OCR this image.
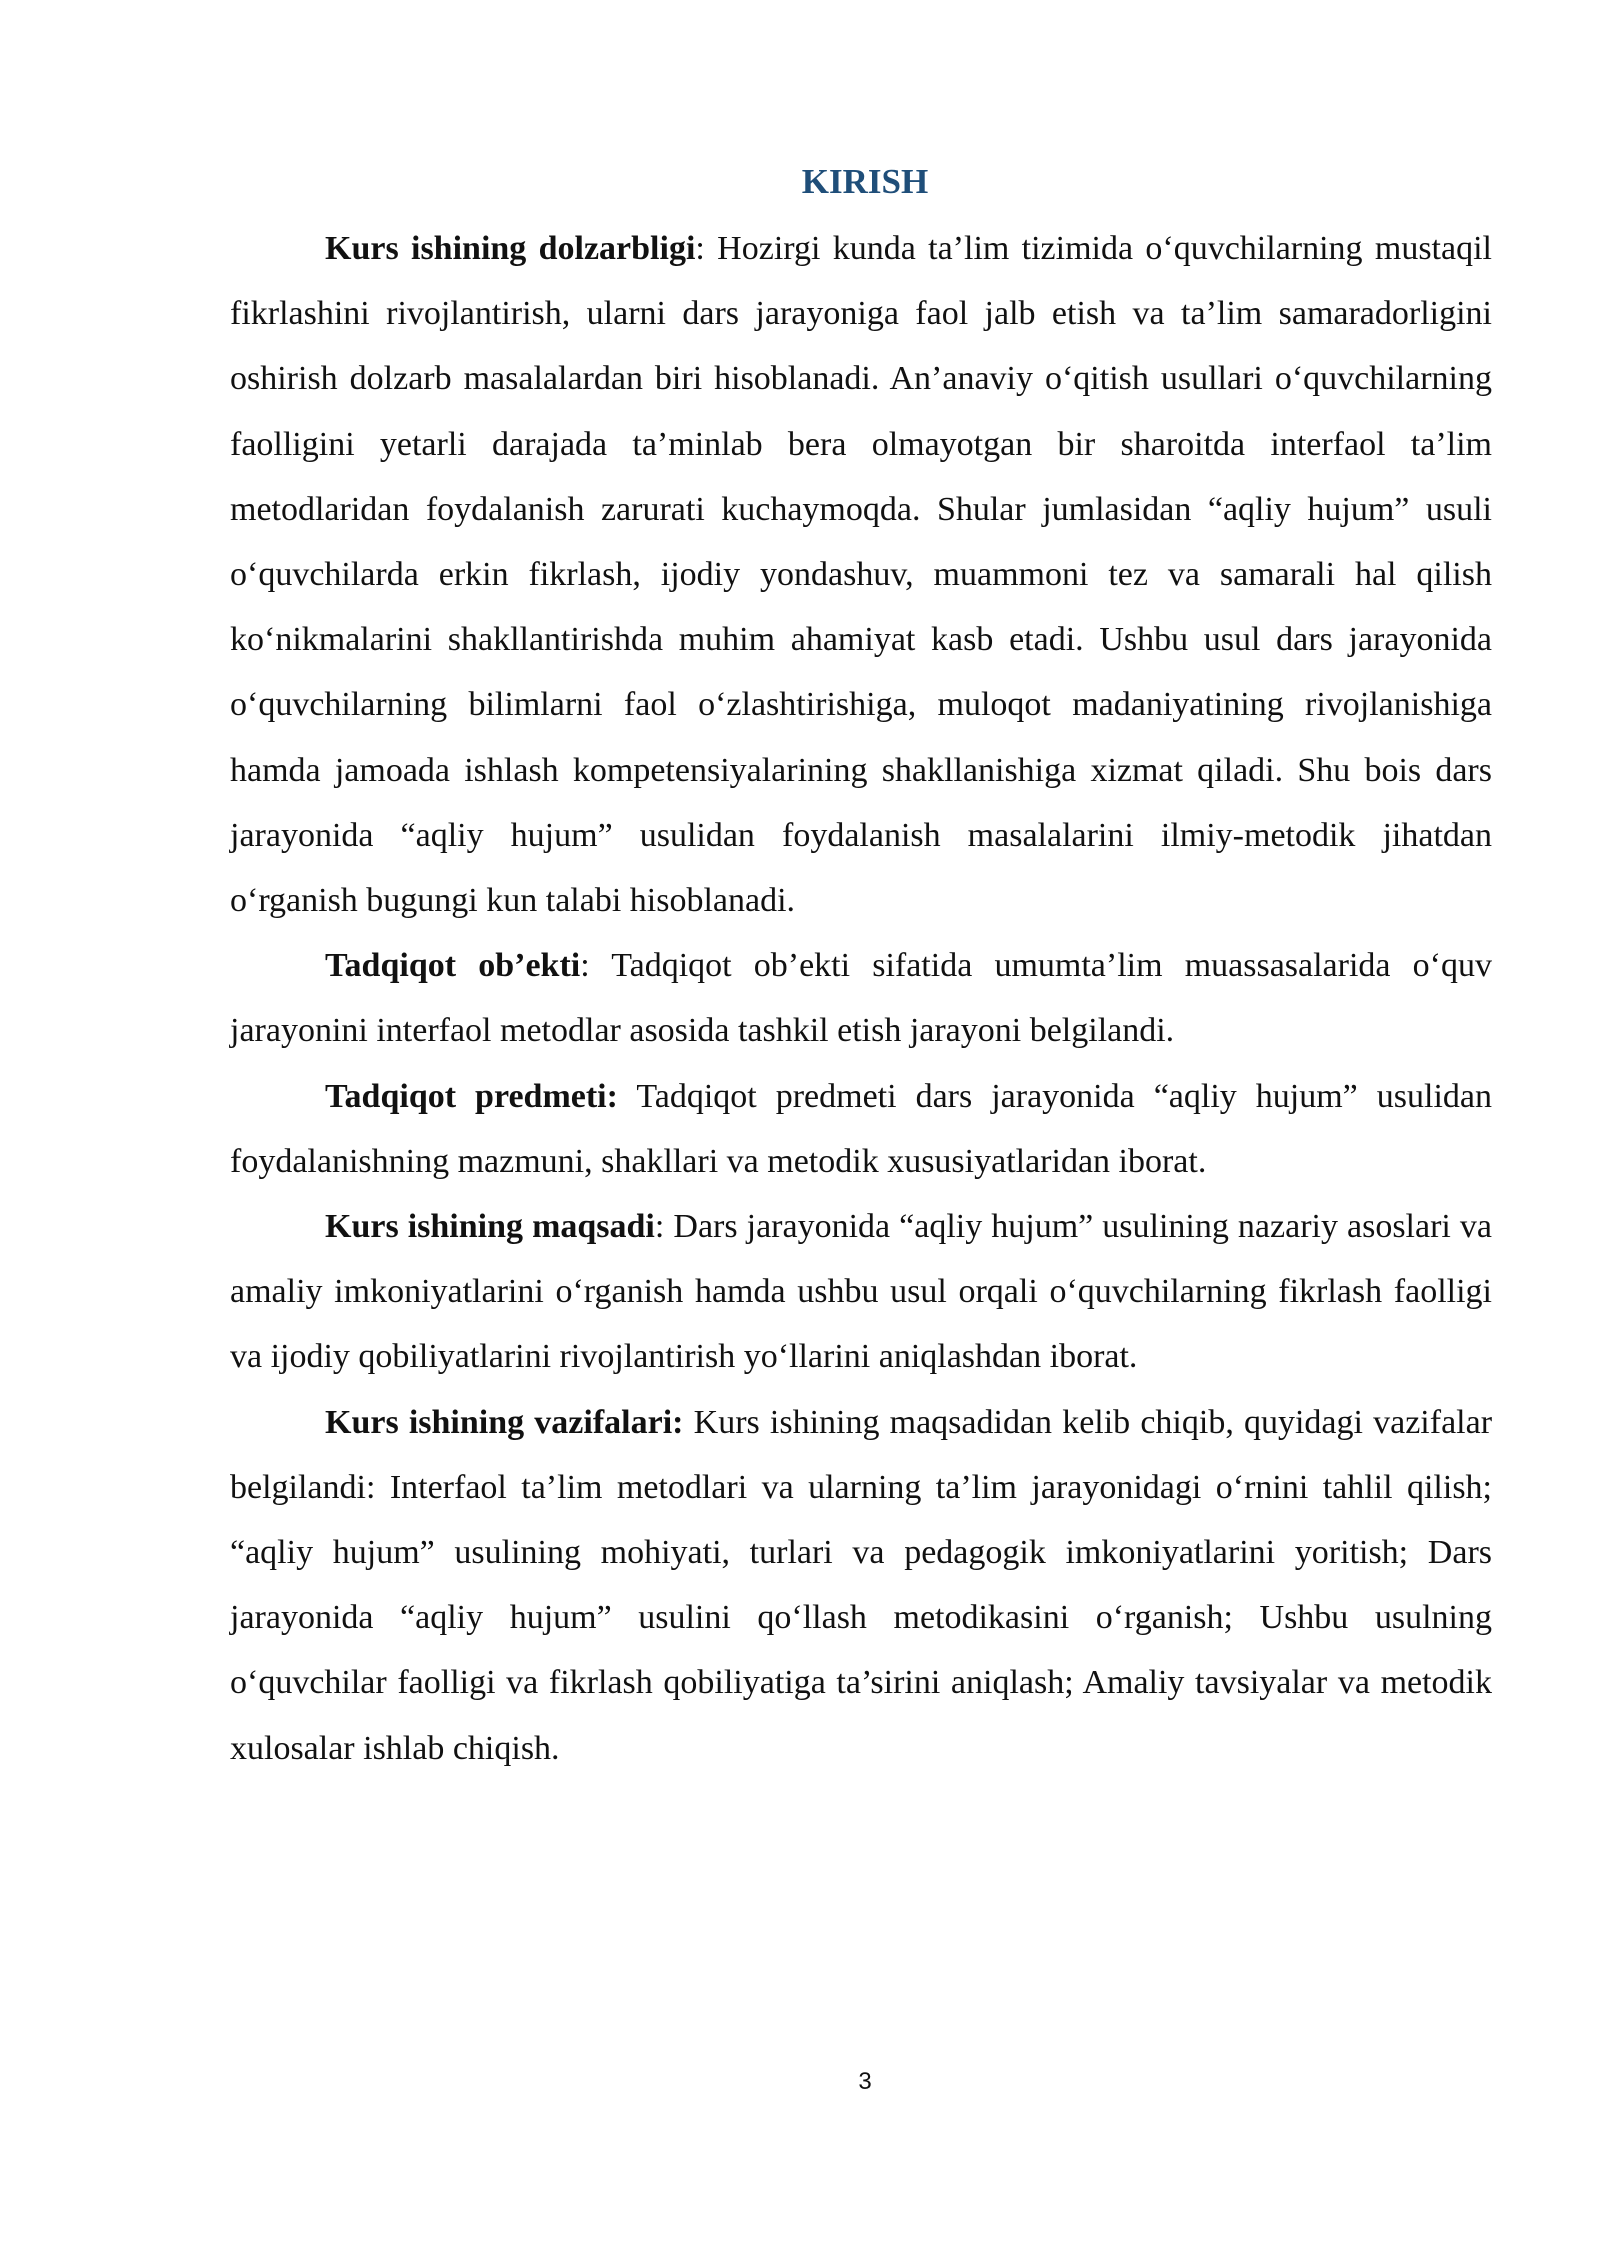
KIRISH

Kurs ishining dolzarbligi: Hozirgi kunda ta’lim tizimida o‘quvchilarning mustaqil fikrlashini rivojlantirish, ularni dars jarayoniga faol jalb etish va ta’lim samaradorligini oshirish dolzarb masalalardan biri hisoblanadi. An’anaviy o‘qitish usullari o‘quvchilarning faolligini yetarli darajada ta’minlab bera olmayotgan bir sharoitda interfaol ta’lim metodlaridan foydalanish zarurati kuchaymoqda. Shular jumlasidan “aqliy hujum” usuli o‘quvchilarda erkin fikrlash, ijodiy yondashuv, muammoni tez va samarali hal qilish ko‘nikmalarini shakllantirishda muhim ahamiyat kasb etadi. Ushbu usul dars jarayonida o‘quvchilarning bilimlarni faol o‘zlashtirishiga, muloqot madaniyatining rivojlanishiga hamda jamoada ishlash kompetensiyalarining shakllanishiga xizmat qiladi. Shu bois dars jarayonida “aqliy hujum” usulidan foydalanish masalalarini ilmiy-metodik jihatdan o‘rganish bugungi kun talabi hisoblanadi.

Tadqiqot ob’ekti: Tadqiqot ob’ekti sifatida umumta’lim muassasalarida o‘quv jarayonini interfaol metodlar asosida tashkil etish jarayoni belgilandi.

Tadqiqot predmeti: Tadqiqot predmeti dars jarayonida “aqliy hujum” usulidan foydalanishning mazmuni, shakllari va metodik xususiyatlaridan iborat.

Kurs ishining maqsadi: Dars jarayonida “aqliy hujum” usulining nazariy asoslari va amaliy imkoniyatlarini o‘rganish hamda ushbu usul orqali o‘quvchilarning fikrlash faolligi va ijodiy qobiliyatlarini rivojlantirish yo‘llarini aniqlashdan iborat.

Kurs ishining vazifalari: Kurs ishining maqsadidan kelib chiqib, quyidagi vazifalar belgilandi: Interfaol ta’lim metodlari va ularning ta’lim jarayonidagi o‘rnini tahlil qilish; “aqliy hujum” usulining mohiyati, turlari va pedagogik imkoniyatlarini yoritish; Dars jarayonida “aqliy hujum” usulini qo‘llash metodikasini o‘rganish; Ushbu usulning o‘quvchilar faolligi va fikrlash qobiliyatiga ta’sirini aniqlash; Amaliy tavsiyalar va metodik xulosalar ishlab chiqish.

3
